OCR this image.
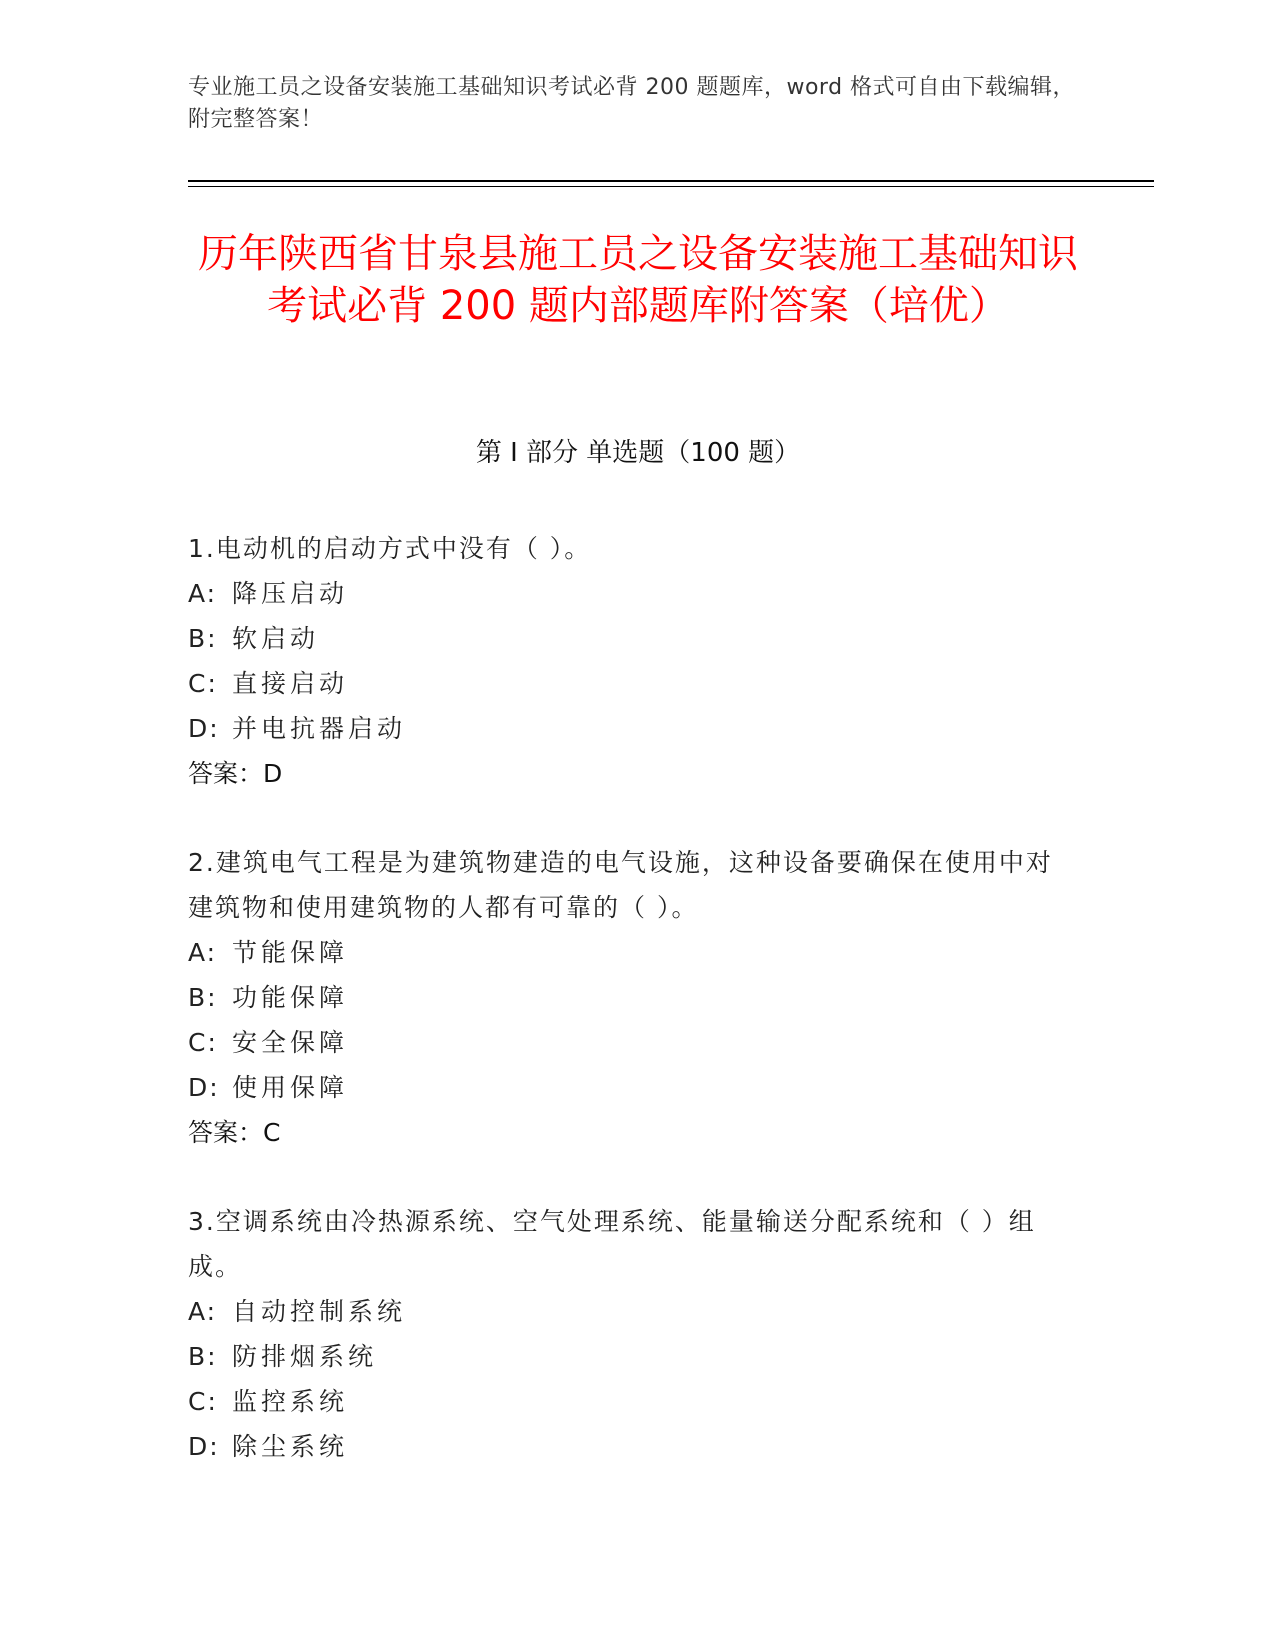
专业施工员之设备安装施工基础知识考试必背 200 题题库，word 格式可自由下载编辑，附完整答案！
历年陕西省甘泉县施工员之设备安装施工基础知识考试必背 200 题内部题库附答案（培优）
第 I 部分 单选题（100 题）
1.电动机的启动方式中没有（ ）。
A: 降压启动
B: 软启动
C: 直接启动
D: 并电抗器启动
答案：D
2.建筑电气工程是为建筑物建造的电气设施，这种设备要确保在使用中对建筑物和使用建筑物的人都有可靠的（ ）。
A: 节能保障
B: 功能保障
C: 安全保障
D: 使用保障
答案：C
3.空调系统由冷热源系统、空气处理系统、能量输送分配系统和（ ）组成。
A: 自动控制系统
B: 防排烟系统
C: 监控系统
D: 除尘系统
